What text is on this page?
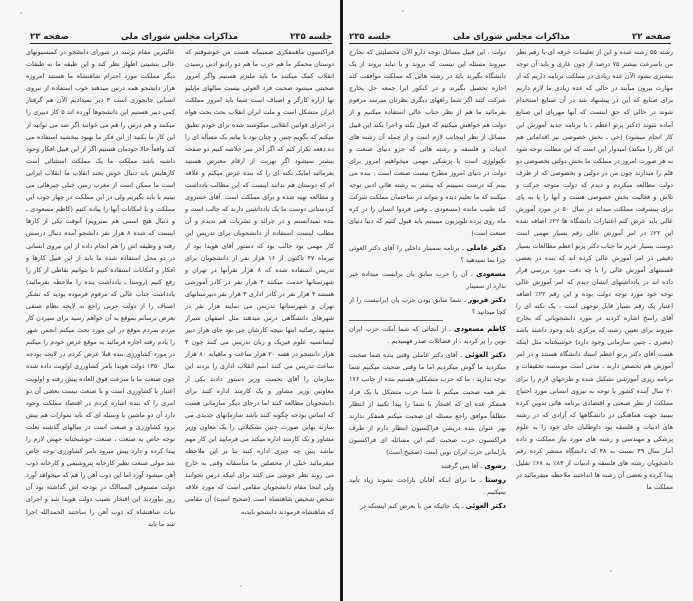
جلسه ۲۳۵
مذاکرات مجلس شورای ملی
صفحه ۲۳

فراکسیون ماهمفکری صمیمانه هست من خوشوقتم که دوستان محمکر ما هم حزب ما هم دو رادیو ادبی رسیدن انقلاب کمک میکنند ما باید ملتزم هستیم واگر امروز صحبتی میشود صحبت فرد العوئی بیست سالهای مایلیو نها ازاره کارگر و اصناف است شما باید امروز مملکت ایران متشکل است و ملت ایران انقلاب بحث بحث هواه در اجرای قوانین انقلابی میکوشند شده برای خودم تطبق میکنم که بگویم چنین و چنان بود یا بیایم یک مسأله ای را ده دفعه تکرار کنم که اگر آخر سر خلاصه کنیم دو صفحه بیشتر نمیشود اگر بهربت از ارقام معترض هستید بفرمائید امایک نکته ای را که بنده عرض میکنم و علاقه ام که دوستان هم بدانند اینست که این مطالب یادداشت و مطالعه تهیه شده و برای مملکت است. آقای خسروی کردستانی دوست ما یک یادداشتی دارند که جالب است و بنده نمیدانستم و در جرائد و نشریات هم ندیدم و آن مطلب اینست استفاده از دانشجویان برای تدریس این کار مهمی بود جالب بود که دستور آقای هویدا بود از تیرماه ۴۷ تاکنون از ۱۶ هزار نفر از دانشجویان برای تدریس استفاده شده که ۸ هزار نفرآنها در تهران و شهرستانها خدمت میکنند ۴ هزار نفر در کادر آموزشی هستند ۴ هزار نفر در کادر اداری ۳ هزار نفر دبیرستانهای تهران و شهرستانها تدریس می نمایند هزار نفر در شهرهای دانشگاهی درس میدهند مثل اصفهان شیراز مشهد رضائیه اینها نتیجه کارشان چی بود جای هزار دبیر لیسانسیه علوم فیزیک و زبان تدریس می کنند چون ۳ هزار دانشجو در هفته ۲۰ هزار ساعت و ماهیانه ۸۰ هزار ساعت تدریس می کنند اسم انقلاب اداری را بردند این سازمان را آقای نخست وزیر دستور دادند یکی از معاونین وزیر مشاور و یک کارمند اداره کنند برای دانشجویان مطالعه کنند اما درجای دیگر سازمانی هست که اساس بودجه چگونه کنند باشد سازمانهای جدیدی می سازند بهاین صورت چنین تشکیلاتی را یک معاون وزیر مشاور و یک کارمند اداره میکند می فرمایید این کار مهم نباشد پس چه چیزی اداره کنند بنا بر این ملاحظه میفرمائید خیلی از محصلین ما متأسفانه وقتی به خارج می روند نظر خوشی می کنند برای اینکه درس بخوانند ولی اینجا مقام دانشجویان مقامی است که مورد علاقه شخص شخیص شاهنشاه است (صحیح است) آن مقامی که شاهنشاه فرمودند دانشجو بایدبه

عالیترین مقام برسد در شورای دانشجو در کمیسیونهای عالی بنشینی اظهار نظر کند و این طبقه ما نه طبقات دیگر مملکت مورد احترام شاهنشاه ما هستند امروزه هزار دانشجو همه درس میدهند خوب استفاده از نیروی انسانی جانجوری است ۴ دیر نمیدادیم الآن هم گرفتار کمی دبیر هستیم این دانشجوها آورده اند ۵ کار دبیری را میکنند و هم درس را هم می خوانند اگر شد می توانید از این کار ما بکنید از این فکر ما بهبود ببخشید استفاده می کند واقعاً حالا خودمان هستیم اگر از این قبیل افکار وجود داشته باشد مملکت ما یک مملکت استثنائی است کارهایش باید دنبال خوش بخند انقلاب ما انقلاب ایرانی است ما ممکن است از مغرب زمین خیلی چیزهائی می بینیم یا باید بگیریم ولی در این مملکت در چهار جوب این مملکت و با امکانات آنها را پیاده کنیم (کاظم مسعودی ـ و دنبال هیچ اسمی هم نمیرویم) آنوقت یکی از کارها اینست که شده ۸ هزار نفر دانشجو آمده دنبال درسش رفته و وظیفه اش را هم انجام داده از این نیروی انسانی در دو محل استفاده شده ما باید از این قبیل کارها و افکار و امکانات استفاده کنیم تا بتوانیم نقاطی از کار را رفع کنیم (روستا ـ یادداشت بنده را ملاحظه بفرمائید) یادداشت جناب عالی که مرقوم فرموده بودید که تشکر اصناف را از دولت حزبی راجع به لایحه نظام صنفی بعرض برسانم بموقع به آن خواهم رسید برای سپردن کار مردم بمردم موقع در این مورد بحث میکنم انجمن شهر را یادم رفته اجازه فرمائید به موقع عرض خودم را میکنم در مورد کشاورزی بنده قبلا عرض کردم در لایحه بودجه سال ۱۳۵۰ دولت هویدا بامر کشاورزی اولویت داده شده چون صنعت ما با سرعت فوق العاده پیش رفته و اولویت اعتبار با کشاورزی است و با صنعت نیست بعضی آن دو امری را که بنده اشاره کردم در اقتصاد مملکت وجود دارد آن دو ماشین یا وسیله ای که باید بموازات هم پیش برود کشاورزی و صنعت است در سالهای گذشته بعلت توجه خاص به صنعت ، صنعت خوشبختانه جهش لازم را پیدا کرده و دارد پیش میرود بامر کشاورزی توجه خاص شد مولی صنعت نظیر کارخانه پتروشیمی و کارخانه ذوب آهن میشود آورد اما این ذوب آهن را هم که میخواهد آورد دولت مستوفی المماالک در بودجه اش گذاشته بود آن روز نیاوردند این افتخار نصیب دولت هویدا شد و اجرای نیات شاهنشاه که ذوب آهن را ساختند الحمدالله اجرا شد ما باید

صفحه ۲۲
مذاکرات مجلس شورای ملی
جلسه ۲۳۵

رشته ۵۵ رشته شده و این از تعلیمات حرفه ای با زهم نظر من باسرعت بیشتر ۷۵ درصد از چون عاری و باید آن توجه بیشتری بشود الآن عده زیادی در مملکت برنامه داریم که از مهارت بیرون میآیند در حالی که عده زیادی ما لازم داریم برای صنایع که این در پیشنهاد شد در آن صنایع استخدام شوند در حالی که حق اینست که آنها مهرپای این صنایع آماده شوند (دکتر پرتو اعظم ـ با برنامه جدید آموزش این کار انجام میشود) (حی ـ بخش خصوصی نیز اقداماتی هم این کار را میکند) امیدوار این است که این مطلب توجه شود به هر صورت امروز در مملکت ما بخش دولتی بخصوصی دو قلم را میدارند چون من در دولتی و بخصوصی که از طرف دولت مطالعه میکردم و دیدم که دولت متوجه حرکت و تلاش و فعالیت بخش خصوصی هست و آنها را پا به پای برای پیشرفت مملکت میداند در سال ۵۰ در مورد آموزش عالی باید عرض کنم اعتبارات دانشگاه ها ۲۲٪ اضافه شده این ۲۲٪ در امر آموزش عالی رقم بسیار مهمی است دوست بسیار عزیز ما جناب دکتر پرتو اعظم مطالعات بسیار دقیقی در امر آموزش عالی کرده اند که بنده در بعضی قسمتهای آموزش عالی را با چه دقت مورد بررسی قرار داده اند در یادداشتهای ایشان دیدم که امر آموزش عالی توجه خود مورد توجه دولت بوده و این رقم ۲۲٪ اضافه اعتبار یک رقم بسیار قابل توجهی است ، یک نکته ای را آقای راسخ اشاره کردند در مورد دانشجویانی که بخارج میروند برای تعیین رشته که مرکزی باید وجود داشته باشد (معیری ـ چنین سازمانی وجود دارد) خوشبختانه مثل اینکه هست آقای دکتر پرتو اعظم استاد دانشگاه هستند و در امر آموزش هم تخصص دارند ، مدتی است موسسه تحقیقات و برنامه ریزی آموزشی تشکیل شده و طرحهای لازم را برای ۲۰ سال آینده کشور با توجه به نیروی انسانی مورد احتیاج مملکت از نظر صنعتی و اقتصادی برنامه هائی تدوین کرده ببینید جهت هماهنگی در دانشگاهها که آزادی که در رشته های ادبیات و فلسفه بود داوطلبان جای خود را به علوم پزشکی و مهندسی و رشته های مورد نیاز مملکت و داده آمار سال ۴۹ نسبت به ۴۸ که دانشگاه منتشر کرده رقم داشجویان رشته های فلسفه و ادبیات از ۸۳٪ به ۶۸٪ تقلیل پیدا کرده و بعضی آن رشته ها انداختند ملاحظه میفرمائید در مملکت ما

دولت . این قبیل مسائل توجه دارو الآن محصلینی که بخارج میروند مسئله این نیست که بروند و یا نباید بروند از یک دانشگاه بگیرند باید در رشته هائی که مملکت موافقت کند اجازه تحصیل بگیرند و در کنکور انرا جمعه حل بخارج شرکت کنند اگر شما راههای دیگری نظرتان میرسد مرقوم بفرمائید ما هم از نظر جناب عالی استفاده میکنیم و از دولت هم خواهش میکنیم که قبول بکند و اجرا بکند این قبیل مسائل از نظر اینجانب لازم است و از جمله آن رشته های ادبیات و فلسفه و رشته هائی که جزو دنیای صنعت و تکنولوژی است یا پزشکی مهمی میخواهیم امروز برای دولت در دنیای امروز مطرح نیست صنعت است ، بنده می بینم که درست نمیبینم که بیشتر به رشته هائی ادبی توجه میکنند که ما تعلیم دیده و بتواند در ساختمان مملکت شرکت کند طبیب مانده (مسعودی ـ وقتی فردوا انسان را در کره ماه روی پرده تلویزیون میبینیم باید قبول کنیم که دنیا دنیای صنعت است)

دکتر عاملی ـ برنامه سمینار داخلی را آقای دکتر العوئی چرا بما نمیدهید ؟

مسعودی ـ آن را حزب سابق یان برایست میداده خبر ندارد از سمینار

دکتر فریور ـ شما سابق بودن حزب پان ایرانیست را از کجا میدانید ؟

کاظم مسعودی ـ از آنجائی که شما آنکت حزب ایران نوین را پر کردید ، از فضائلات صدر فهمیدیم .

دکتر العوئی ـ آقای دکتر عاملی وقتی بنده شما صحبت میکردید ما گوش میکردیم اما ما وقتی صحبت میکنیم شما توجه ندارید ، ما که حزب متشکلی هستیم بنده از جانب ۱۷۶ نفر همه صحبت میکنم با شما حزب متشکل با یک فراد همفکر عده ای که افتخار با شما را پیدا نکنید از انتظار مطلقاً موافق راجع مسئله ای صحبت میکنم همفکر ندارند بهر عنوان بنده دریشن فراکسیون انتظار دارم از طرف فراکسیون حزب صحبت کنم این مسائله ای فراکسیون پارلمانی حزب ایران نوین است (صحیح است)

رضوی ـ آقا پس گرفتند

روستا ـ ما برای اینکه آقایان ناراحت نشوند زیاد تأیید نمیکنیم .

دکتر العوئی ـ یک جائیکه من با بعرض کنم ایستکه در
